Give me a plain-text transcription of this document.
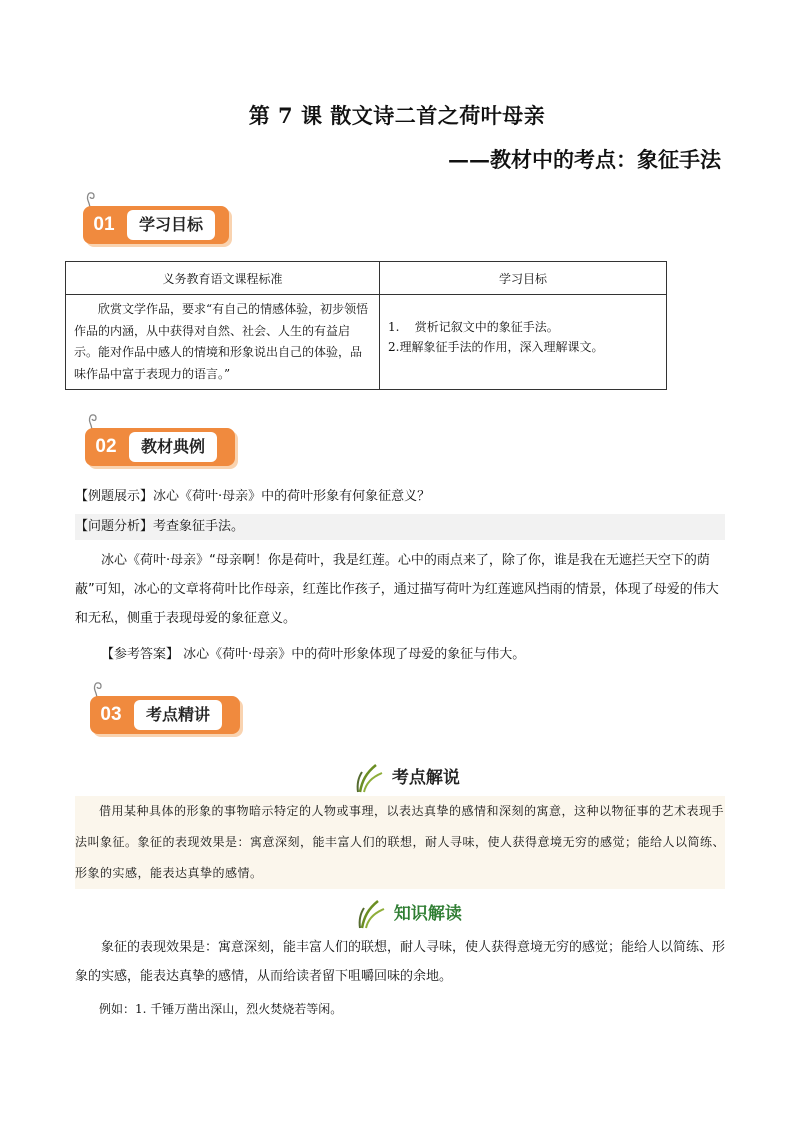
第 7 课 散文诗二首之荷叶母亲
——教材中的考点：象征手法
01	学习目标
义务教育语文课程标准	学习目标
欣赏文学作品，要求“有自己的情感体验，初步领悟作品的内涵，从中获得对自然、社会、人生的有益启示。能对作品中感人的情境和形象说出自己的体验，品味作品中富于表现力的语言。”	1.    赏析记叙文中的象征手法。
2.理解象征手法的作用，深入理解课文。
02	教材典例
【例题展示】冰心《荷叶·母亲》中的荷叶形象有何象征意义？
【问题分析】考查象征手法。
冰心《荷叶·母亲》“母亲啊！你是荷叶，我是红莲。心中的雨点来了，除了你，谁是我在无遮拦天空下的荫蔽”可知，冰心的文章将荷叶比作母亲，红莲比作孩子，通过描写荷叶为红莲遮风挡雨的情景，体现了母爱的伟大和无私，侧重于表现母爱的象征意义。
【参考答案】 冰心《荷叶·母亲》中的荷叶形象体现了母爱的象征与伟大。
03	考点精讲
考点解说
借用某种具体的形象的事物暗示特定的人物或事理，以表达真挚的感情和深刻的寓意，这种以物征事的艺术表现手法叫象征。象征的表现效果是：寓意深刻，能丰富人们的联想，耐人寻味，使人获得意境无穷的感觉；能给人以简练、形象的实感，能表达真挚的感情。
知识解读
象征的表现效果是：寓意深刻，能丰富人们的联想，耐人寻味，使人获得意境无穷的感觉；能给人以简练、形象的实感，能表达真挚的感情，从而给读者留下咀嚼回味的余地。
例如：1. 千锤万凿出深山，烈火焚烧若等闲。
